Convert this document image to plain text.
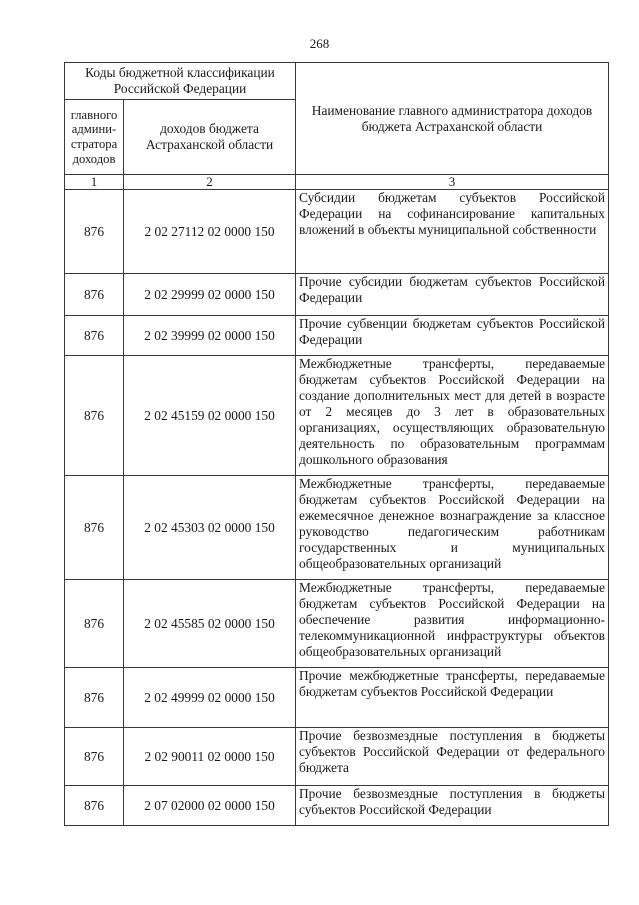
268
Коды бюджетной классификации Российской Федерации		Наименование главного администратора доходов бюджета Астраханской области
главного админи- стратора доходов	доходов бюджета Астраханской области	
1	2	3
876	2 02 27112 02 0000 150	Субсидии бюджетам субъектов Российской Федерации на софинансирование капитальных вложений в объекты муниципальной собственности
876	2 02 29999 02 0000 150	Прочие субсидии бюджетам субъектов Российской Федерации
876	2 02 39999 02 0000 150	Прочие субвенции бюджетам субъектов Российской Федерации
876	2 02 45159 02 0000 150	Межбюджетные трансферты, передаваемые бюджетам субъектов Российской Федерации на создание дополнительных мест для детей в возрасте от 2 месяцев до 3 лет в образовательных организациях, осуществляющих образовательную деятельность по образовательным программам дошкольного образования
876	2 02 45303 02 0000 150	Межбюджетные трансферты, передаваемые бюджетам субъектов Российской Федерации на ежемесячное денежное вознаграждение за классное руководство педагогическим работникам государственных и муниципальных общеобразовательных организаций
876	2 02 45585 02 0000 150	Межбюджетные трансферты, передаваемые бюджетам субъектов Российской Федерации на обеспечение развития информационно-телекоммуникационной инфраструктуры объектов общеобразовательных организаций
876	2 02 49999 02 0000 150	Прочие межбюджетные трансферты, передаваемые бюджетам субъектов Российской Федерации
876	2 02 90011 02 0000 150	Прочие безвозмездные поступления в бюджеты субъектов Российской Федерации от федерального бюджета
876	2 07 02000 02 0000 150	Прочие безвозмездные поступления в бюджеты субъектов Российской Федерации
